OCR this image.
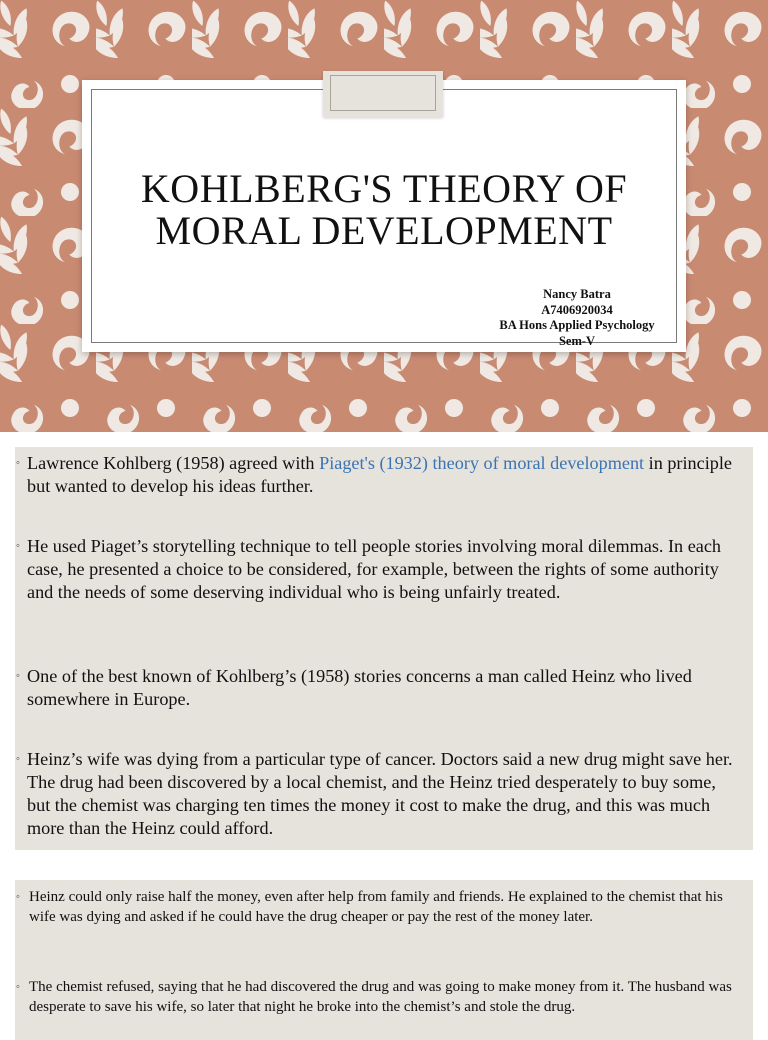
KOHLBERG'S THEORY OF
MORAL DEVELOPMENT
Nancy Batra
A7406920034
BA Hons Applied Psychology
Sem-V
◦ Lawrence Kohlberg (1958) agreed with Piaget's (1932) theory of moral development in principle but wanted to develop his ideas further.
◦ He used Piaget’s storytelling technique to tell people stories involving moral dilemmas. In each case, he presented a choice to be considered, for example, between the rights of some authority and the needs of some deserving individual who is being unfairly treated.
◦ One of the best known of Kohlberg’s (1958) stories concerns a man called Heinz who lived somewhere in Europe.
◦ Heinz’s wife was dying from a particular type of cancer. Doctors said a new drug might save her. The drug had been discovered by a local chemist, and the Heinz tried desperately to buy some, but the chemist was charging ten times the money it cost to make the drug, and this was much more than the Heinz could afford.
◦ Heinz could only raise half the money, even after help from family and friends. He explained to the chemist that his wife was dying and asked if he could have the drug cheaper or pay the rest of the money later.
◦ The chemist refused, saying that he had discovered the drug and was going to make money from it. The husband was desperate to save his wife, so later that night he broke into the chemist’s and stole the drug.
